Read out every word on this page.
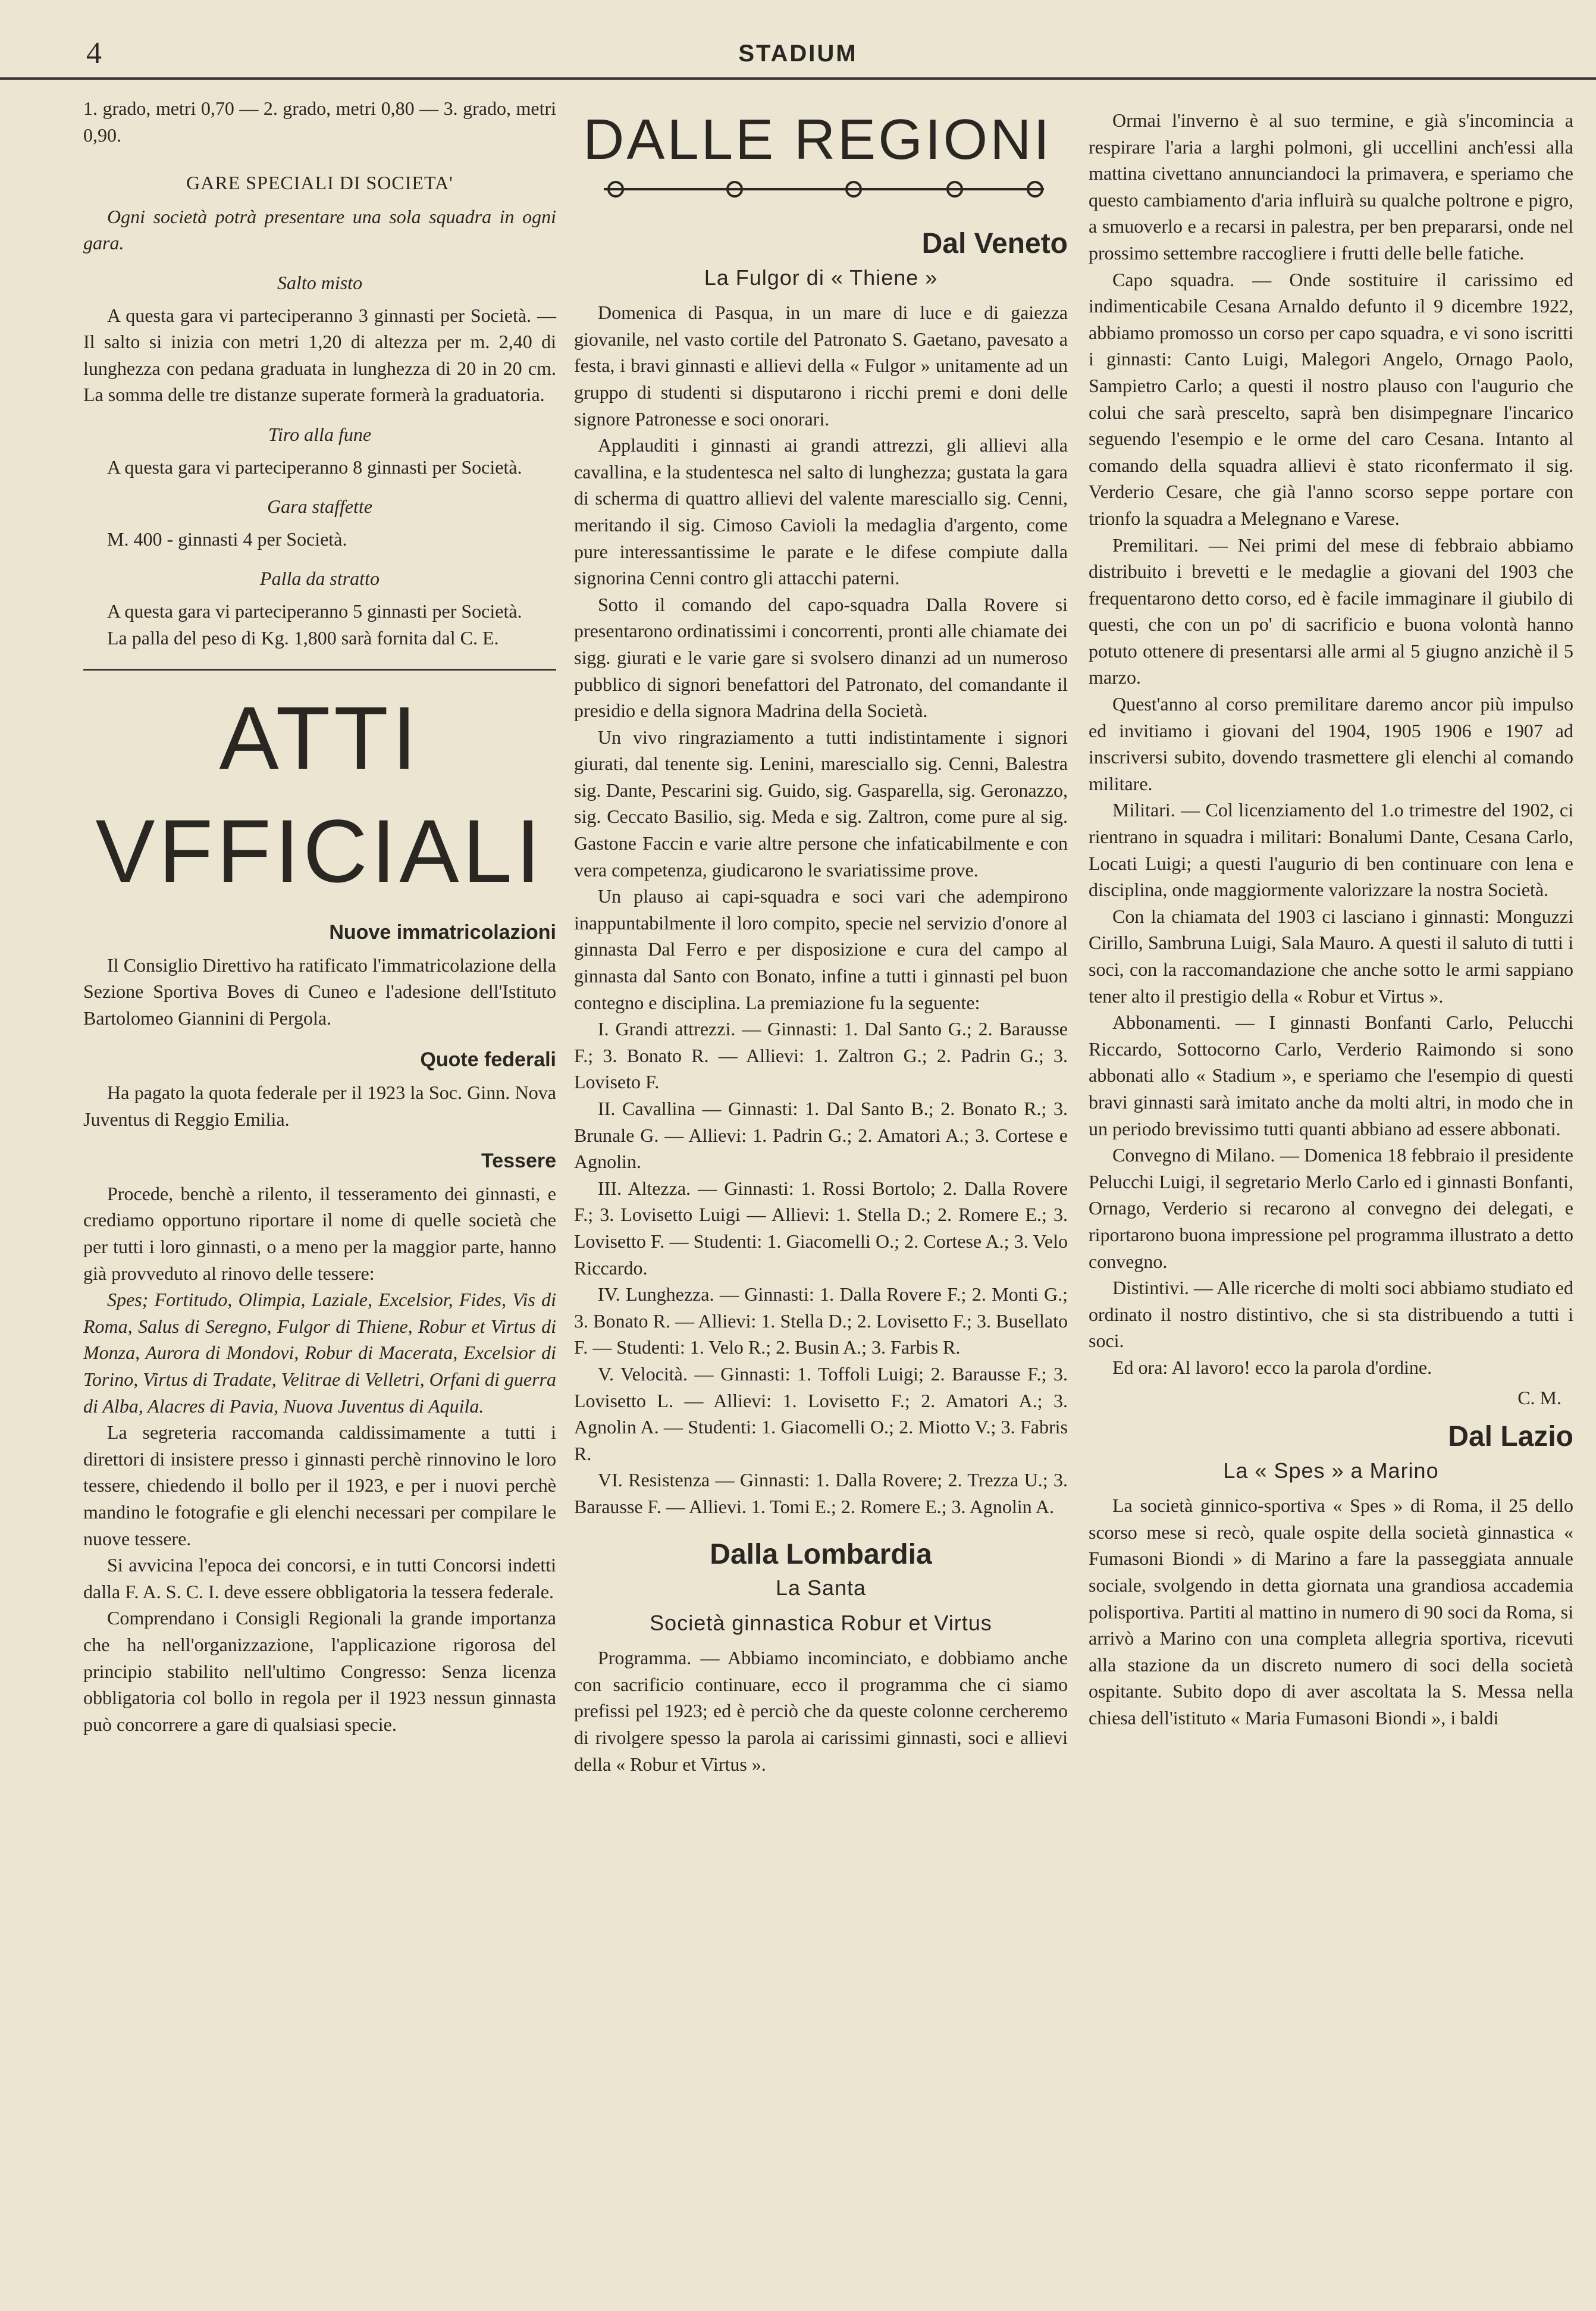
4	STADIUM

1. grado, metri 0,70 — 2. grado, metri 0,80 — 3. grado, metri 0,90.

GARE SPECIALI DI SOCIETA'

Ogni società potrà presentare una sola squadra in ogni gara.

Salto misto

A questa gara vi parteciperanno 3 ginnasti per Società. — Il salto si inizia con metri 1,20 di altezza per m. 2,40 di lunghezza con pedana graduata in lunghezza di 20 in 20 cm. La somma delle tre distanze superate formerà la graduatoria.

Tiro alla fune

A questa gara vi parteciperanno 8 ginnasti per Società.

Gara staffette

M. 400 - ginnasti 4 per Società.

Palla da stratto

A questa gara vi parteciperanno 5 ginnasti per Società.

La palla del peso di Kg. 1,800 sarà fornita dal C. E.

ATTI VFFICIALI
Nuove immatricolazioni

Il Consiglio Direttivo ha ratificato l'immatricolazione della Sezione Sportiva Boves di Cuneo e l'adesione dell'Istituto Bartolomeo Giannini di Pergola.

Quote federali

Ha pagato la quota federale per il 1923 la Soc. Ginn. Nova Juventus di Reggio Emilia.

Tessere

Procede, benchè a rilento, il tesseramento dei ginnasti, e crediamo opportuno riportare il nome di quelle società che per tutti i loro ginnasti, o a meno per la maggior parte, hanno già provveduto al rinovo delle tessere:

Spes; Fortitudo, Olimpia, Laziale, Excelsior, Fides, Vis di Roma, Salus di Seregno, Fulgor di Thiene, Robur et Virtus di Monza, Aurora di Mondovi, Robur di Macerata, Excelsior di Torino, Virtus di Tradate, Velitrae di Velletri, Orfani di guerra di Alba, Alacres di Pavia, Nuova Juventus di Aquila.

La segreteria raccomanda caldissimamente a tutti i direttori di insistere presso i ginnasti perchè rinnovino le loro tessere, chiedendo il bollo per il 1923, e per i nuovi perchè mandino le fotografie e gli elenchi necessari per compilare le nuove tessere.

Si avvicina l'epoca dei concorsi, e in tutti Concorsi indetti dalla F. A. S. C. I. deve essere obbligatoria la tessera federale.

Comprendano i Consigli Regionali la grande importanza che ha nell'organizzazione, l'applicazione rigorosa del principio stabilito nell'ultimo Congresso: Senza licenza obbligatoria col bollo in regola per il 1923 nessun ginnasta può concorrere a gare di qualsiasi specie.

DALLE REGIONI
Dal Veneto
La Fulgor di « Thiene »

Domenica di Pasqua, in un mare di luce e di gaiezza giovanile, nel vasto cortile del Patronato S. Gaetano, pavesato a festa, i bravi ginnasti e allievi della « Fulgor » unitamente ad un gruppo di studenti si disputarono i ricchi premi e doni delle signore Patronesse e soci onorari.

Applauditi i ginnasti ai grandi attrezzi, gli allievi alla cavallina, e la studentesca nel salto di lunghezza; gustata la gara di scherma di quattro allievi del valente maresciallo sig. Cenni, meritando il sig. Cimoso Cavioli la medaglia d'argento, come pure interessantissime le parate e le difese compiute dalla signorina Cenni contro gli attacchi paterni.

Sotto il comando del capo-squadra Dalla Rovere si presentarono ordinatissimi i concorrenti, pronti alle chiamate dei sigg. giurati e le varie gare si svolsero dinanzi ad un numeroso pubblico di signori benefattori del Patronato, del comandante il presidio e della signora Madrina della Società.

Un vivo ringraziamento a tutti indistintamente i signori giurati, dal tenente sig. Lenini, maresciallo sig. Cenni, Balestra sig. Dante, Pescarini sig. Guido, sig. Gasparella, sig. Geronazzo, sig. Ceccato Basilio, sig. Meda e sig. Zaltron, come pure al sig. Gastone Faccin e varie altre persone che infaticabilmente e con vera competenza, giudicarono le svariatissime prove.

Un plauso ai capi-squadra e soci vari che adempirono inappuntabilmente il loro compito, specie nel servizio d'onore al ginnasta Dal Ferro e per disposizione e cura del campo al ginnasta dal Santo con Bonato, infine a tutti i ginnasti pel buon contegno e disciplina. La premiazione fu la seguente:

I. Grandi attrezzi. — Ginnasti: 1. Dal Santo G.; 2. Barausse F.; 3. Bonato R. — Allievi: 1. Zaltron G.; 2. Padrin G.; 3. Loviseto F.

II. Cavallina — Ginnasti: 1. Dal Santo B.; 2. Bonato R.; 3. Brunale G. — Allievi: 1. Padrin G.; 2. Amatori A.; 3. Cortese e Agnolin.

III. Altezza. — Ginnasti: 1. Rossi Bortolo; 2. Dalla Rovere F.; 3. Lovisetto Luigi — Allievi: 1. Stella D.; 2. Romere E.; 3. Lovisetto F. — Studenti: 1. Giacomelli O.; 2. Cortese A.; 3. Velo Riccardo.

IV. Lunghezza. — Ginnasti: 1. Dalla Rovere F.; 2. Monti G.; 3. Bonato R. — Allievi: 1. Stella D.; 2. Lovisetto F.; 3. Busellato F. — Studenti: 1. Velo R.; 2. Busin A.; 3. Farbis R.

V. Velocità. — Ginnasti: 1. Toffoli Luigi; 2. Barausse F.; 3. Lovisetto L. — Allievi: 1. Lovisetto F.; 2. Amatori A.; 3. Agnolin A. — Studenti: 1. Giacomelli O.; 2. Miotto V.; 3. Fabris R.

VI. Resistenza — Ginnasti: 1. Dalla Rovere; 2. Trezza U.; 3. Barausse F. — Allievi. 1. Tomi E.; 2. Romere E.; 3. Agnolin A.

Dalla Lombardia
La Santa
Società ginnastica Robur et Virtus

Programma. — Abbiamo incominciato, e dobbiamo anche con sacrificio continuare, ecco il programma che ci siamo prefissi pel 1923; ed è perciò che da queste colonne cercheremo di rivolgere spesso la parola ai carissimi ginnasti, soci e allievi della « Robur et Virtus ».

Ormai l'inverno è al suo termine, e già s'incomincia a respirare l'aria a larghi polmoni, gli uccellini anch'essi alla mattina civettano annunciandoci la primavera, e speriamo che questo cambiamento d'aria influirà su qualche poltrone e pigro, a smuoverlo e a recarsi in palestra, per ben prepararsi, onde nel prossimo settembre raccogliere i frutti delle belle fatiche.

Capo squadra. — Onde sostituire il carissimo ed indimenticabile Cesana Arnaldo defunto il 9 dicembre 1922, abbiamo promosso un corso per capo squadra, e vi sono iscritti i ginnasti: Canto Luigi, Malegori Angelo, Ornago Paolo, Sampietro Carlo; a questi il nostro plauso con l'augurio che colui che sarà prescelto, saprà ben disimpegnare l'incarico seguendo l'esempio e le orme del caro Cesana. Intanto al comando della squadra allievi è stato riconfermato il sig. Verderio Cesare, che già l'anno scorso seppe portare con trionfo la squadra a Melegnano e Varese.

Premilitari. — Nei primi del mese di febbraio abbiamo distribuito i brevetti e le medaglie a giovani del 1903 che frequentarono detto corso, ed è facile immaginare il giubilo di questi, che con un po' di sacrificio e buona volontà hanno potuto ottenere di presentarsi alle armi al 5 giugno anzichè il 5 marzo.

Quest'anno al corso premilitare daremo ancor più impulso ed invitiamo i giovani del 1904, 1905 1906 e 1907 ad inscriversi subito, dovendo trasmettere gli elenchi al comando militare.

Militari. — Col licenziamento del 1.o trimestre del 1902, ci rientrano in squadra i militari: Bonalumi Dante, Cesana Carlo, Locati Luigi; a questi l'augurio di ben continuare con lena e disciplina, onde maggiormente valorizzare la nostra Società.

Con la chiamata del 1903 ci lasciano i ginnasti: Monguzzi Cirillo, Sambruna Luigi, Sala Mauro. A questi il saluto di tutti i soci, con la raccomandazione che anche sotto le armi sappiano tener alto il prestigio della « Robur et Virtus ».

Abbonamenti. — I ginnasti Bonfanti Carlo, Pelucchi Riccardo, Sottocorno Carlo, Verderio Raimondo si sono abbonati allo « Stadium », e speriamo che l'esempio di questi bravi ginnasti sarà imitato anche da molti altri, in modo che in un periodo brevissimo tutti quanti abbiano ad essere abbonati.

Convegno di Milano. — Domenica 18 febbraio il presidente Pelucchi Luigi, il segretario Merlo Carlo ed i ginnasti Bonfanti, Ornago, Verderio si recarono al convegno dei delegati, e riportarono buona impressione pel programma illustrato a detto convegno.

Distintivi. — Alle ricerche di molti soci abbiamo studiato ed ordinato il nostro distintivo, che si sta distribuendo a tutti i soci.

Ed ora: Al lavoro! ecco la parola d'ordine.

C. M.
Dal Lazio
La « Spes » a Marino

La società ginnico-sportiva « Spes » di Roma, il 25 dello scorso mese si recò, quale ospite della società ginnastica « Fumasoni Biondi » di Marino a fare la passeggiata annuale sociale, svolgendo in detta giornata una grandiosa accademia polisportiva. Partiti al mattino in numero di 90 soci da Roma, si arrivò a Marino con una completa allegria sportiva, ricevuti alla stazione da un discreto numero di soci della società ospitante. Subito dopo di aver ascoltata la S. Messa nella chiesa dell'istituto « Maria Fumasoni Biondi », i baldi
